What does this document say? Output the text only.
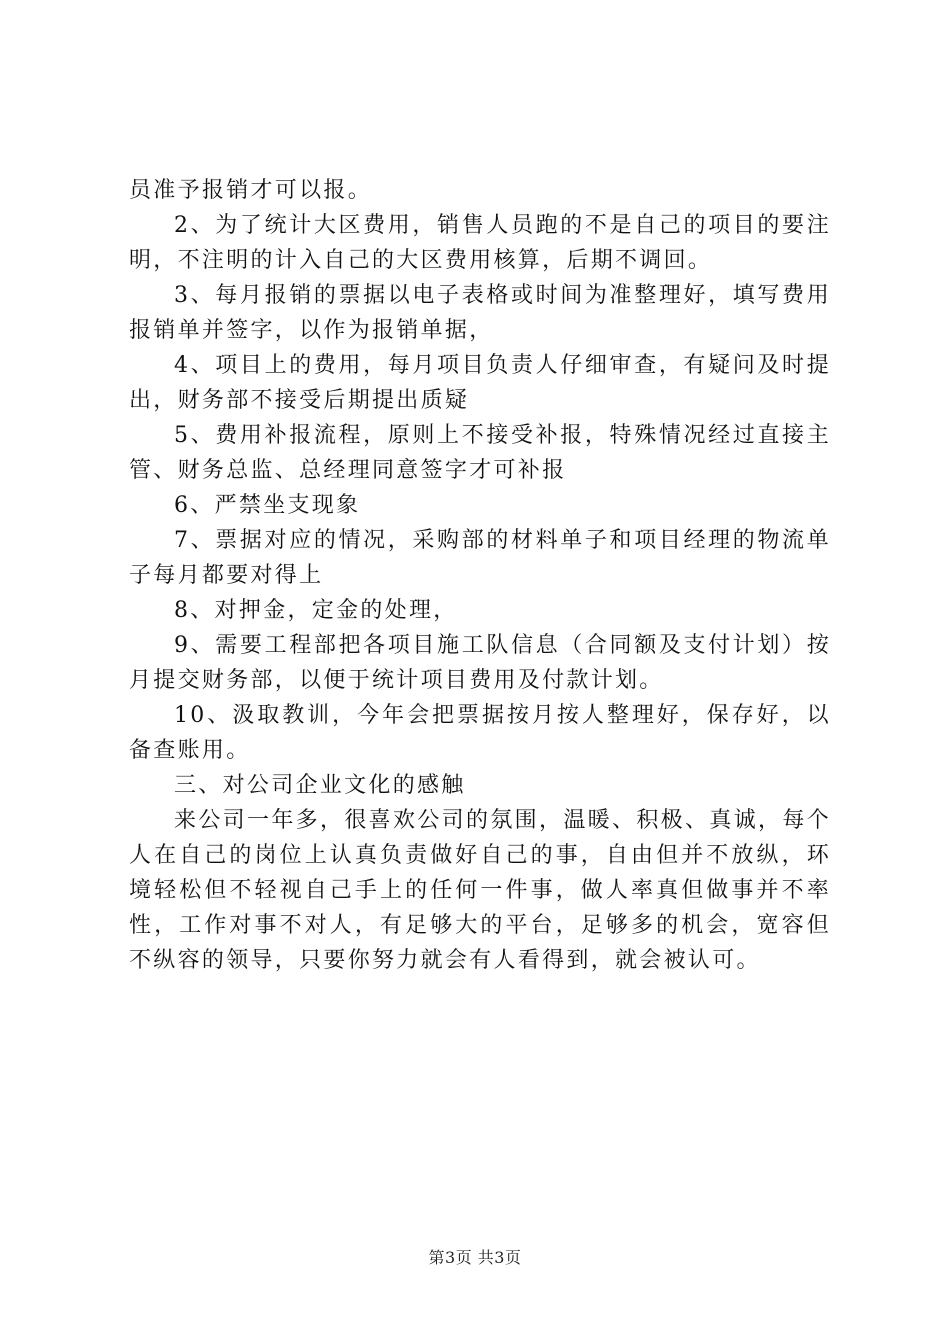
员准予报销才可以报。

2、为了统计大区费用，销售人员跑的不是自己的项目的要注明，不注明的计入自己的大区费用核算，后期不调回。

3、每月报销的票据以电子表格或时间为准整理好，填写费用报销单并签字，以作为报销单据，

4、项目上的费用，每月项目负责人仔细审查，有疑问及时提出，财务部不接受后期提出质疑

5、费用补报流程，原则上不接受补报，特殊情况经过直接主管、财务总监、总经理同意签字才可补报

6、严禁坐支现象

7、票据对应的情况，采购部的材料单子和项目经理的物流单子每月都要对得上

8、对押金，定金的处理，

9、需要工程部把各项目施工队信息（合同额及支付计划）按月提交财务部，以便于统计项目费用及付款计划。

10、汲取教训，今年会把票据按月按人整理好，保存好，以备查账用。

三、对公司企业文化的感触

来公司一年多，很喜欢公司的氛围，温暖、积极、真诚，每个人在自己的岗位上认真负责做好自己的事，自由但并不放纵，环境轻松但不轻视自己手上的任何一件事，做人率真但做事并不率性，工作对事不对人，有足够大的平台，足够多的机会，宽容但不纵容的领导，只要你努力就会有人看得到，就会被认可。

第3页 共3页
